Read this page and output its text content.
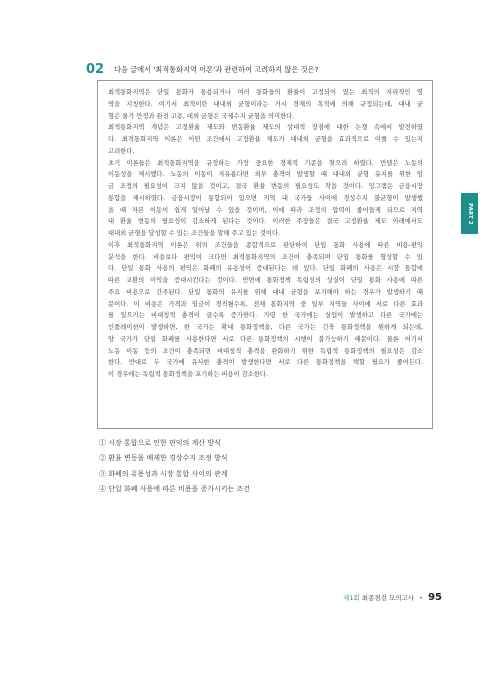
02 다음 글에서 '최적통화지역 이론'과 관련하여 고려하지 않은 것은?
최적통화지역은 단일 통화가 통용되거나 여러 통화들의 환율이 고정되어 있는 최적의 지리적인 영
역을 지칭한다. 여기서 최적이란 대내외 균형이라는 거시 경제의 목적에 의해 규정되는데, 대내 균
형은 물가 안정과 완전 고용, 대외 균형은 국제수지 균형을 의미한다.
최적통화지역 개념은 고정환율 제도와 변동환율 제도의 상대적 장점에 대한 논쟁 속에서 발전하였
다. 최적통화지역 이론은 어떤 조건에서 고정환율 제도가 대내외 균형을 효과적으로 이룰 수 있는지
고려한다.
초기 이론들은 최적통화지역을 규정하는 가장 중요한 경제적 기준을 찾으려 하였다. 먼델은 노동의
이동성을 제시했다. 노동의 이동이 자유롭다면 외부 충격이 발생할 때 대내외 균형 유지를 위한 임
금 조정의 필요성이 크지 않을 것이고, 결국 환율 변동의 필요성도 작을 것이다. 잉그램은 금융시장
통합을 제시하였다. 금융시장이 통합되어 있으면 지역 내 국가들 사이에 경상수지 불균형이 발생했
을 때 자본 이동이 쉽게 일어날 수 있을 것이며, 이에 따라 조정의 압력이 줄어들게 되므로 지역
내 환율 변동의 필요성이 감소하게 된다는 것이다. 이러한 주장들은 결국 고정환율 제도 아래에서도
대내외 균형을 달성할 수 있는 조건들을 말해 주고 있는 것이다.
이후 최적통화지역 이론은 위의 조건들을 종합적으로 판단하여 단일 통화 사용에 따른 비용-편익
분석을 한다. 비용보다 편익이 크다면 최적통화지역의 조건이 충족되며 단일 통화를 형성할 수 있
다. 단일 통화 사용의 편익은 화폐의 유용성이 증대된다는 데 있다. 단일 화폐의 사용은 시장 통합에
따른 교환의 이익을 증대시킨다는 것이다. 반면에 통화정책 독립성의 상실이 단일 통화 사용에 따른
주요 비용으로 간주된다. 단일 통화의 유지를 위해 대내 균형을 포기해야 하는 경우가 발생하기 때
문이다. 이 비용은 가격과 임금이 경직될수록, 전체 통화지역 중 일부 지역들 사이에 서로 다른 효과
를 일으키는 비대칭적 충격이 클수록 증가한다. 가령 한 국가에는 실업이 발생하고 다른 국가에는
인플레이션이 발생하면, 한 국가는 확대 통화정책을, 다른 국가는 긴축 통화정책을 원하게 되는데,
양 국가가 단일 화폐를 사용한다면 서로 다른 통화정책의 시행이 불가능하기 때문이다. 물론 여기서
노동 이동 등의 조건이 충족되면 비대칭적 충격을 완화하기 위한 독립적 통화정책의 필요성은 감소
한다. 반대로 두 국가에 유사한 충격이 발생한다면 서로 다른 통화정책을 택할 필요가 줄어든다.
이 경우에는 독립적 통화정책을 포기하는 비용이 감소한다.
① 시장 통합으로 인한 편익의 계산 방식
② 환율 변동을 배제한 경상수지 조정 방식
③ 화폐의 유용성과 시장 통합 사이의 관계
④ 단일 화폐 사용에 따른 비용을 증가시키는 조건
PART 2
제1회 최종점검 모의고사 • 95
